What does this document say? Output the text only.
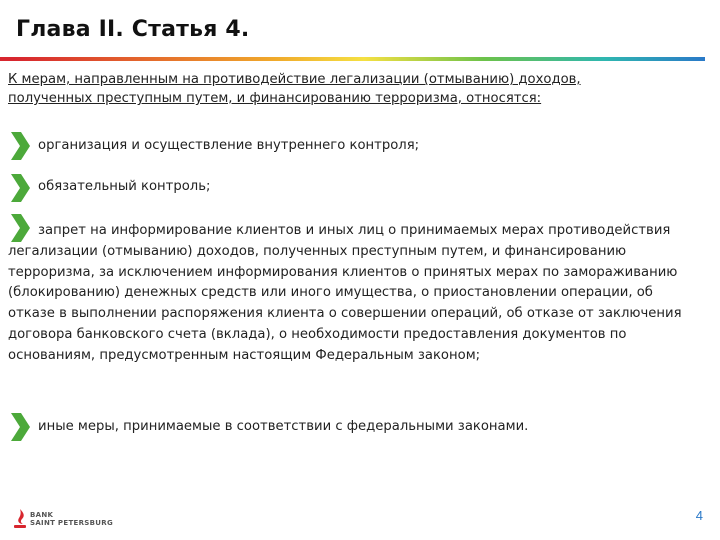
Глава II. Статья 4.
К мерам, направленным на противодействие легализации (отмыванию) доходов,
полученных преступным путем, и финансированию терроризма, относятся:
организация и осуществление внутреннего контроля;
обязательный контроль;
запрет на информирование клиентов и иных лиц о принимаемых мерах противодействия легализации (отмыванию) доходов, полученных преступным путем, и финансированию терроризма, за исключением информирования клиентов о принятых мерах по замораживанию (блокированию) денежных средств или иного имущества, о приостановлении операции, об отказе в выполнении распоряжения клиента о совершении операций, об отказе от заключения договора банковского счета (вклада), о необходимости предоставления документов по основаниям, предусмотренным настоящим Федеральным законом;
иные меры, принимаемые в соответствии с федеральными законами.
BANK
SAINT PETERSBURG	4
